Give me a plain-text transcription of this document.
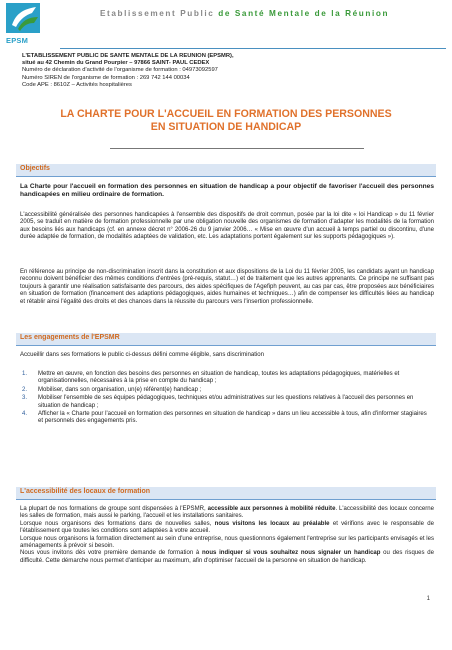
EPSM
Etablissement Public de Santé Mentale de la Réunion
L'ETABLISSEMENT PUBLIC DE SANTE MENTALE DE LA REUNION (EPSMR),
situé au 42 Chemin du Grand Pourpier – 97866 SAINT- PAUL CEDEX
Numéro de déclaration d'activité de l'organisme de formation : 04973092597
Numéro SIREN de l'organisme de formation : 269 742 144 00034
Code APE : 8610Z – Activités hospitalières
LA CHARTE POUR L'ACCUEIL EN FORMATION DES PERSONNES
EN SITUATION DE HANDICAP
Objectifs
La Charte pour l'accueil en formation des personnes en situation de handicap a pour objectif de favoriser l'accueil des personnes handicapées en milieu ordinaire de formation.
L'accessibilité généralisée des personnes handicapées à l'ensemble des dispositifs de droit commun, posée par la loi dite « loi Handicap » du 11 février 2005, se traduit en matière de formation professionnelle par une obligation nouvelle des organismes de formation d'adapter les modalités de la formation aux besoins liés aux handicaps (cf. en annexe décret n° 2006-26 du 9 janvier 2006… « Mise en œuvre d'un accueil à temps partiel ou discontinu, d'une durée adaptée de formation, de modalités adaptées de validation, etc. Les adaptations portent également sur les supports pédagogiques »).
En référence au principe de non-discrimination inscrit dans la constitution et aux dispositions de la Loi du 11 février 2005, les candidats ayant un handicap reconnu doivent bénéficier des mêmes conditions d'entrées (pré-requis, statut…) et de traitement que les autres apprenants. Ce principe ne suffisant pas toujours à garantir une réalisation satisfaisante des parcours, des aides spécifiques de l'Agefiph peuvent, au cas par cas, être proposées aux bénéficiaires en situation de formation (financement des adaptions pédagogiques, aides humaines et techniques…) afin de compenser les difficultés liées au handicap et rétablir ainsi l'égalité des droits et des chances dans la réussite du parcours vers l'insertion professionnelle.
Les engagements de l'EPSMR
Accueillir dans ses formations le public ci-dessus défini comme éligible, sans discrimination
1. Mettre en œuvre, en fonction des besoins des personnes en situation de handicap, toutes les adaptations pédagogiques, matérielles et organisationnelles, nécessaires à la prise en compte du handicap ;
2. Mobiliser, dans son organisation, un(e) référent(e) handicap ;
3. Mobiliser l'ensemble de ses équipes pédagogiques, techniques et/ou administratives sur les questions relatives à l'accueil des personnes en situation de handicap ;
4. Afficher la « Charte pour l'accueil en formation des personnes en situation de handicap » dans un lieu accessible à tous, afin d'informer stagiaires et personnels des engagements pris.
L'accessibilité des locaux de formation
La plupart de nos formations de groupe sont dispensées à l'EPSMR, accessible aux personnes à mobilité réduite. L'accessibilité des locaux concerne les salles de formation, mais aussi le parking, l'accueil et les installations sanitaires.
Lorsque nous organisons des formations dans de nouvelles salles, nous visitons les locaux au préalable et vérifions avec le responsable de l'établissement que toutes les conditions sont adaptées à votre accueil.
Lorsque nous organisons la formation directement au sein d'une entreprise, nous questionnons également l'entreprise sur les participants envisagés et les aménagements à prévoir si besoin.
Nous vous invitons dès votre première demande de formation à nous indiquer si vous souhaitez nous signaler un handicap ou des risques de difficulté. Cette démarche nous permet d'anticiper au maximum, afin d'optimiser l'accueil de la personne en situation de handicap.
1
